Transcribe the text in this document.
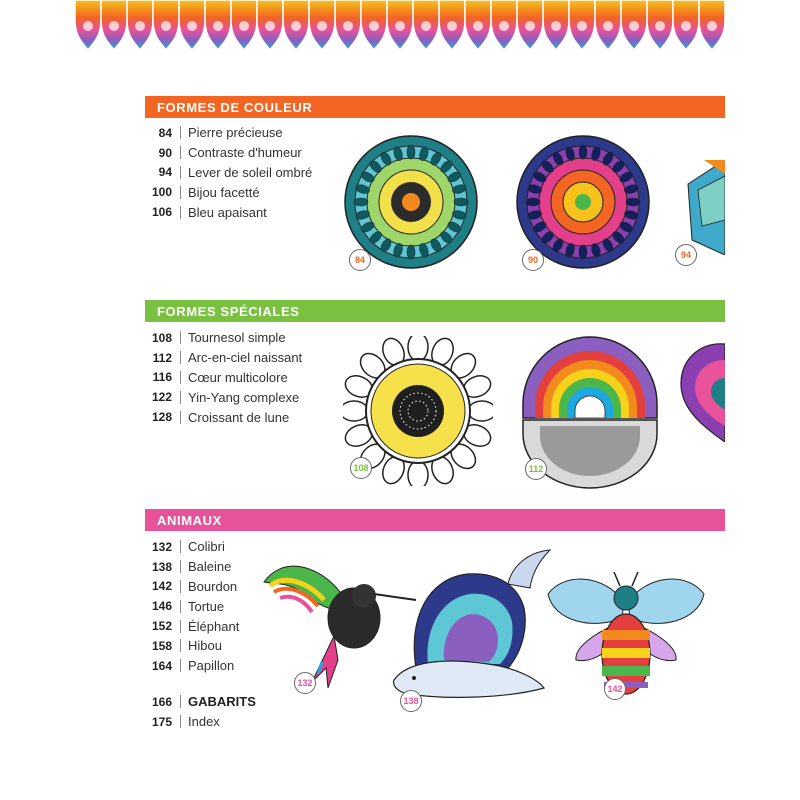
FORMES DE COULEUR
84 Pierre précieuse
90 Contraste d'humeur
94 Lever de soleil ombré
100 Bijou facetté
106 Bleu apaisant
84	90	94
FORMES SPÉCIALES
108 Tournesol simple
112 Arc-en-ciel naissant
116 Cœur multicolore
122 Yin-Yang complexe
128 Croissant de lune
108	112
ANIMAUX
132 Colibri
138 Baleine
142 Bourdon
146 Tortue
152 Éléphant
158 Hibou
164 Papillon
166 GABARITS
175 Index
132
138
142
